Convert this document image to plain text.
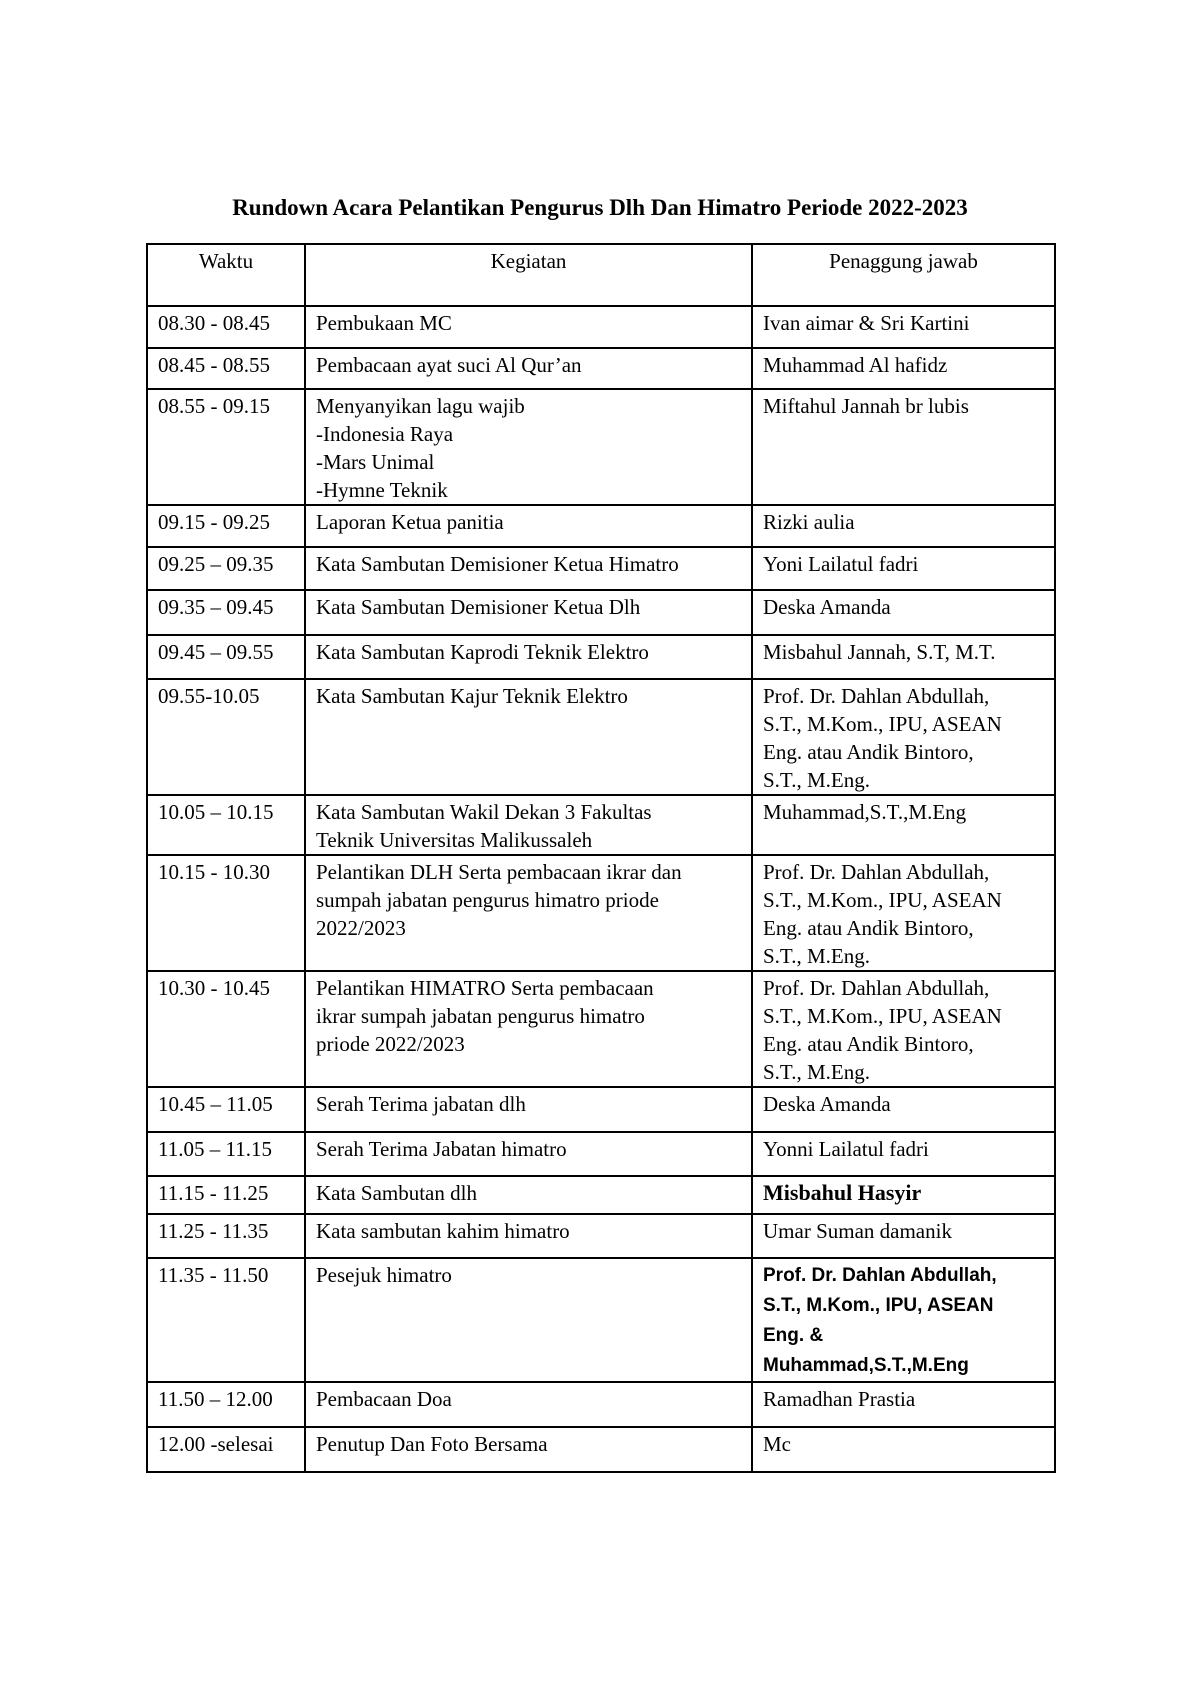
Rundown Acara Pelantikan Pengurus Dlh Dan Himatro Periode 2022-2023
Waktu	Kegiatan	Penaggung jawab
08.30 - 08.45	Pembukaan MC	Ivan aimar & Sri Kartini
08.45 - 08.55	Pembacaan ayat suci Al Qur’an	Muhammad Al hafidz
08.55 - 09.15	Menyanyikan lagu wajib
-Indonesia Raya
-Mars Unimal
-Hymne Teknik	Miftahul Jannah br lubis
09.15 - 09.25	Laporan Ketua panitia	Rizki aulia
09.25 – 09.35	Kata Sambutan Demisioner Ketua Himatro	Yoni Lailatul fadri
09.35 – 09.45	Kata Sambutan Demisioner Ketua Dlh	Deska Amanda
09.45 – 09.55	Kata Sambutan Kaprodi Teknik Elektro	Misbahul Jannah, S.T, M.T.
09.55-10.05	Kata Sambutan Kajur Teknik Elektro	Prof. Dr. Dahlan Abdullah,
S.T., M.Kom., IPU, ASEAN
Eng. atau Andik Bintoro,
S.T., M.Eng.
10.05 – 10.15	Kata Sambutan Wakil Dekan 3 Fakultas
Teknik Universitas Malikussaleh	Muhammad,S.T.,M.Eng
10.15 - 10.30	Pelantikan DLH Serta pembacaan ikrar dan
sumpah jabatan pengurus himatro priode
2022/2023	Prof. Dr. Dahlan Abdullah,
S.T., M.Kom., IPU, ASEAN
Eng. atau Andik Bintoro,
S.T., M.Eng.
10.30 - 10.45	Pelantikan HIMATRO Serta pembacaan
ikrar sumpah jabatan pengurus himatro
priode 2022/2023	Prof. Dr. Dahlan Abdullah,
S.T., M.Kom., IPU, ASEAN
Eng. atau Andik Bintoro,
S.T., M.Eng.
10.45 – 11.05	Serah Terima jabatan dlh	Deska Amanda
11.05 – 11.15	Serah Terima Jabatan himatro	Yonni Lailatul fadri
11.15 - 11.25	Kata Sambutan dlh	Misbahul Hasyir
11.25 - 11.35	Kata sambutan kahim himatro	Umar Suman damanik
11.35 - 11.50	Pesejuk himatro	Prof. Dr. Dahlan Abdullah,
S.T., M.Kom., IPU, ASEAN
Eng. &
Muhammad,S.T.,M.Eng
11.50 – 12.00	Pembacaan Doa	Ramadhan Prastia
12.00 -selesai	Penutup Dan Foto Bersama	Mc
